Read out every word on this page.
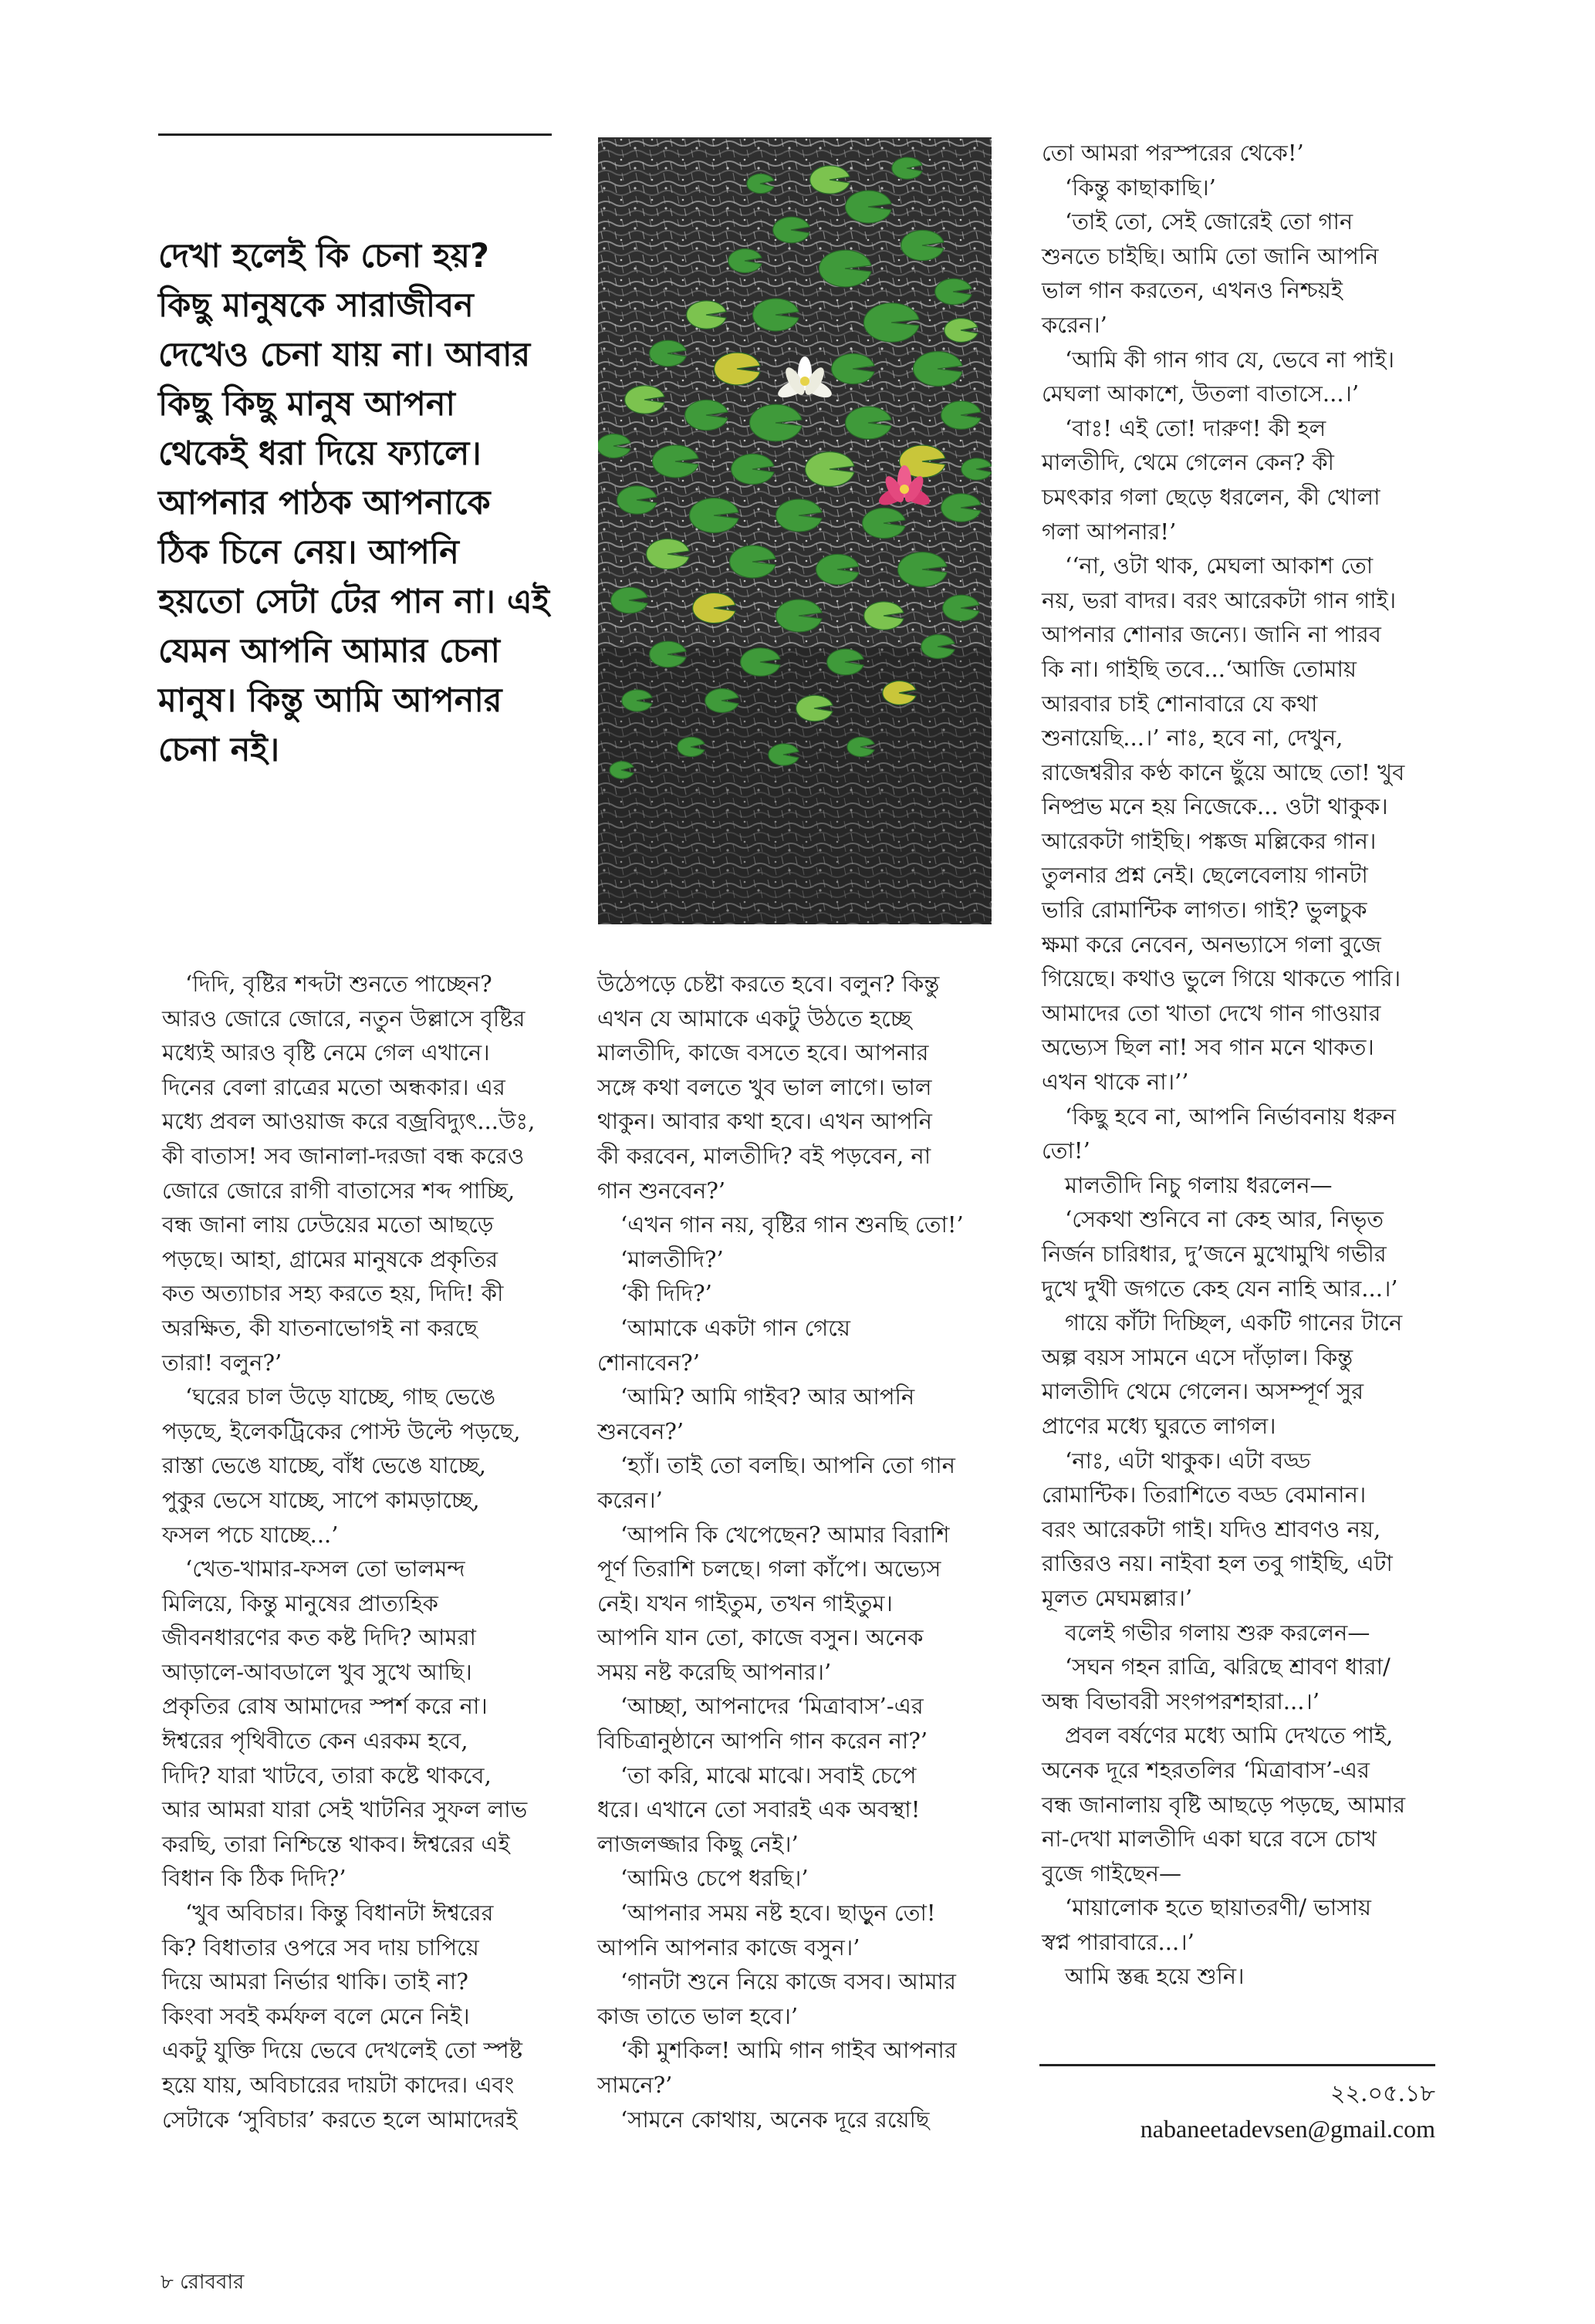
দেখা হলেই কি চেনা হয়?
কিছু মানুষকে সারাজীবন
দেখেও চেনা যায় না। আবার
কিছু কিছু মানুষ আপনা
থেকেই ধরা দিয়ে ফ্যালে।
আপনার পাঠক আপনাকে
ঠিক চিনে নেয়। আপনি
হয়তো সেটা টের পান না। এই
যেমন আপনি আমার চেনা
মানুষ। কিন্তু আমি আপনার
চেনা নই।
‘দিদি, বৃষ্টির শব্দটা শুনতে পাচ্ছেন?
আরও জোরে জোরে, নতুন উল্লাসে বৃষ্টির
মধ্যেই আরও বৃষ্টি নেমে গেল এখানে।
দিনের বেলা রাত্রের মতো অন্ধকার। এর
মধ্যে প্রবল আওয়াজ করে বজ্রবিদ্যুৎ...উঃ,
কী বাতাস! সব জানালা-দরজা বন্ধ করেও
জোরে জোরে রাগী বাতাসের শব্দ পাচ্ছি,
বন্ধ জানা লায় ঢেউয়ের মতো আছড়ে
পড়ছে। আহা, গ্রামের মানুষকে প্রকৃতির
কত অত্যাচার সহ্য করতে হয়, দিদি! কী
অরক্ষিত, কী যাতনাভোগই না করছে
তারা! বলুন?’
‘ঘরের চাল উড়ে যাচ্ছে, গাছ ভেঙে
পড়ছে, ইলেকট্রিকের পোস্ট উল্টে পড়ছে,
রাস্তা ভেঙে যাচ্ছে, বাঁধ ভেঙে যাচ্ছে,
পুকুর ভেসে যাচ্ছে, সাপে কামড়াচ্ছে,
ফসল পচে যাচ্ছে...’
‘খেত-খামার-ফসল তো ভালমন্দ
মিলিয়ে, কিন্তু মানুষের প্রাত্যহিক
জীবনধারণের কত কষ্ট দিদি? আমরা
আড়ালে-আবডালে খুব সুখে আছি।
প্রকৃতির রোষ আমাদের স্পর্শ করে না।
ঈশ্বরের পৃথিবীতে কেন এরকম হবে,
দিদি? যারা খাটবে, তারা কষ্টে থাকবে,
আর আমরা যারা সেই খাটনির সুফল লাভ
করছি, তারা নিশ্চিন্তে থাকব। ঈশ্বরের এই
বিধান কি ঠিক দিদি?’
‘খুব অবিচার। কিন্তু বিধানটা ঈশ্বরের
কি? বিধাতার ওপরে সব দায় চাপিয়ে
দিয়ে আমরা নির্ভার থাকি। তাই না?
কিংবা সবই কর্মফল বলে মেনে নিই।
একটু যুক্তি দিয়ে ভেবে দেখলেই তো স্পষ্ট
হয়ে যায়, অবিচারের দায়টা কাদের। এবং
সেটাকে ‘সুবিচার’ করতে হলে আমাদেরই
উঠেপড়ে চেষ্টা করতে হবে। বলুন? কিন্তু
এখন যে আমাকে একটু উঠতে হচ্ছে
মালতীদি, কাজে বসতে হবে। আপনার
সঙ্গে কথা বলতে খুব ভাল লাগে। ভাল
থাকুন। আবার কথা হবে। এখন আপনি
কী করবেন, মালতীদি? বই পড়বেন, না
গান শুনবেন?’
‘এখন গান নয়, বৃষ্টির গান শুনছি তো!’
‘মালতীদি?’
‘কী দিদি?’
‘আমাকে একটা গান গেয়ে
শোনাবেন?’
‘আমি? আমি গাইব? আর আপনি
শুনবেন?’
‘হ্যাঁ। তাই তো বলছি। আপনি তো গান
করেন।’
‘আপনি কি খেপেছেন? আমার বিরাশি
পূর্ণ তিরাশি চলছে। গলা কাঁপে। অভ্যেস
নেই। যখন গাইতুম, তখন গাইতুম।
আপনি যান তো, কাজে বসুন। অনেক
সময় নষ্ট করেছি আপনার।’
‘আচ্ছা, আপনাদের ‘মিত্রাবাস’-এর
বিচিত্রানুষ্ঠানে আপনি গান করেন না?’
‘তা করি, মাঝে মাঝে। সবাই চেপে
ধরে। এখানে তো সবারই এক অবস্থা!
লাজলজ্জার কিছু নেই।’
‘আমিও চেপে ধরছি।’
‘আপনার সময় নষ্ট হবে। ছাড়ুন তো!
আপনি আপনার কাজে বসুন।’
‘গানটা শুনে নিয়ে কাজে বসব। আমার
কাজ তাতে ভাল হবে।’
‘কী মুশকিল! আমি গান গাইব আপনার
সামনে?’
‘সামনে কোথায়, অনেক দূরে রয়েছি
তো আমরা পরস্পরের থেকে!’
‘কিন্তু কাছাকাছি।’
‘তাই তো, সেই জোরেই তো গান
শুনতে চাইছি। আমি তো জানি আপনি
ভাল গান করতেন, এখনও নিশ্চয়ই
করেন।’
‘আমি কী গান গাব যে, ভেবে না পাই।
মেঘলা আকাশে, উতলা বাতাসে...।’
‘বাঃ! এই তো! দারুণ! কী হল
মালতীদি, থেমে গেলেন কেন? কী
চমৎকার গলা ছেড়ে ধরলেন, কী খোলা
গলা আপনার!’
‘‘না, ওটা থাক, মেঘলা আকাশ তো
নয়, ভরা বাদর। বরং আরেকটা গান গাই।
আপনার শোনার জন্যে। জানি না পারব
কি না। গাইছি তবে...‘আজি তোমায়
আরবার চাই শোনাবারে যে কথা
শুনায়েছি...।’ নাঃ, হবে না, দেখুন,
রাজেশ্বরীর কণ্ঠ কানে ছুঁয়ে আছে তো! খুব
নিষ্প্রভ মনে হয় নিজেকে... ওটা থাকুক।
আরেকটা গাইছি। পঙ্কজ মল্লিকের গান।
তুলনার প্রশ্ন নেই। ছেলেবেলায় গানটা
ভারি রোমান্টিক লাগত। গাই? ভুলচুক
ক্ষমা করে নেবেন, অনভ্যাসে গলা বুজে
গিয়েছে। কথাও ভুলে গিয়ে থাকতে পারি।
আমাদের তো খাতা দেখে গান গাওয়ার
অভ্যেস ছিল না! সব গান মনে থাকত।
এখন থাকে না।’’
‘কিছু হবে না, আপনি নির্ভাবনায় ধরুন
তো!’
মালতীদি নিচু গলায় ধরলেন—
‘সেকথা শুনিবে না কেহ আর, নিভৃত
নির্জন চারিধার, দু’জনে মুখোমুখি গভীর
দুখে দুখী জগতে কেহ যেন নাহি আর...।’
গায়ে কাঁটা দিচ্ছিল, একটি গানের টানে
অল্প বয়স সামনে এসে দাঁড়াল। কিন্তু
মালতীদি থেমে গেলেন। অসম্পূর্ণ সুর
প্রাণের মধ্যে ঘুরতে লাগল।
‘নাঃ, এটা থাকুক। এটা বড্ড
রোমান্টিক। তিরাশিতে বড্ড বেমানান।
বরং আরেকটা গাই। যদিও শ্রাবণও নয়,
রাত্তিরও নয়। নাইবা হল তবু গাইছি, এটা
মূলত মেঘমল্লার।’
বলেই গভীর গলায় শুরু করলেন—
‘সঘন গহন রাত্রি, ঝরিছে শ্রাবণ ধারা/
অন্ধ বিভাবরী সংগপরশহারা...।’
প্রবল বর্ষণের মধ্যে আমি দেখতে পাই,
অনেক দূরে শহরতলির ‘মিত্রাবাস’-এর
বন্ধ জানালায় বৃষ্টি আছড়ে পড়ছে, আমার
না-দেখা মালতীদি একা ঘরে বসে চোখ
বুজে গাইছেন—
‘মায়ালোক হতে ছায়াতরণী/ ভাসায়
স্বপ্ন পারাবারে...।’
আমি স্তব্ধ হয়ে শুনি।
২২.০৫.১৮
nabaneetadevsen@gmail.com
৮ রোববার
